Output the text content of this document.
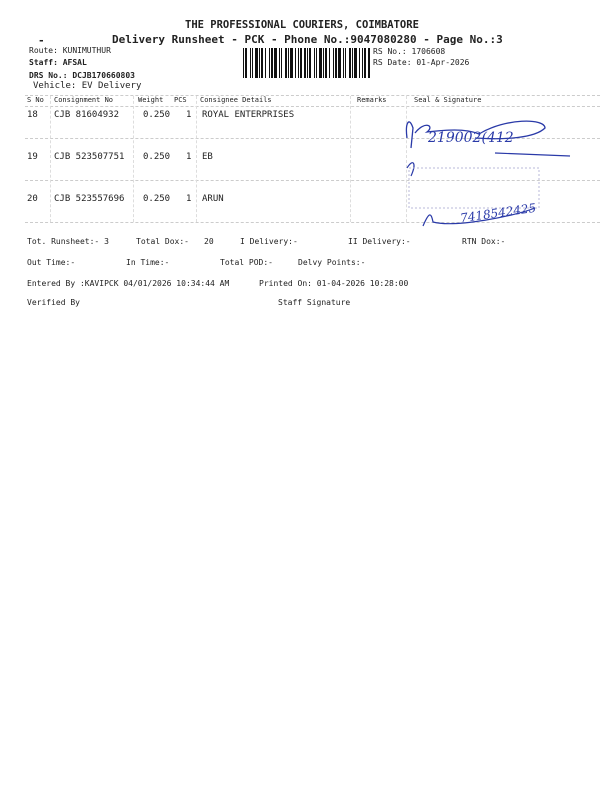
THE PROFESSIONAL COURIERS, COIMBATORE
‑	Delivery Runsheet - PCK - Phone No.:9047080280 - Page No.:3
Route: KUNIMUTHUR
Staff: AFSAL
DRS No.: DCJB170660803
Vehicle: EV Delivery
RS No.: 1706608
RS Date: 01-Apr-2026
S No Consignment No	Weight PCS Consignee Details	Remarks	Seal & Signature
18 CJB 81604932	0.250 1 ROYAL ENTERPRISES
19 CJB 523507751 0.250 1 EB
20 CJB 523557696 0.250 1 ARUN
219002(412
7418542425
Tot. Runsheet:- 3	Total Dox:- 20	I Delivery:-	II Delivery:-	RTN Dox:-
Out Time:-	In Time:-	Total POD:-	Delvy Points:-
Entered By :KAVIPCK 04/01/2026 10:34:44 AM	Printed On: 01-04-2026 10:28:00
Verified By	Staff Signature
